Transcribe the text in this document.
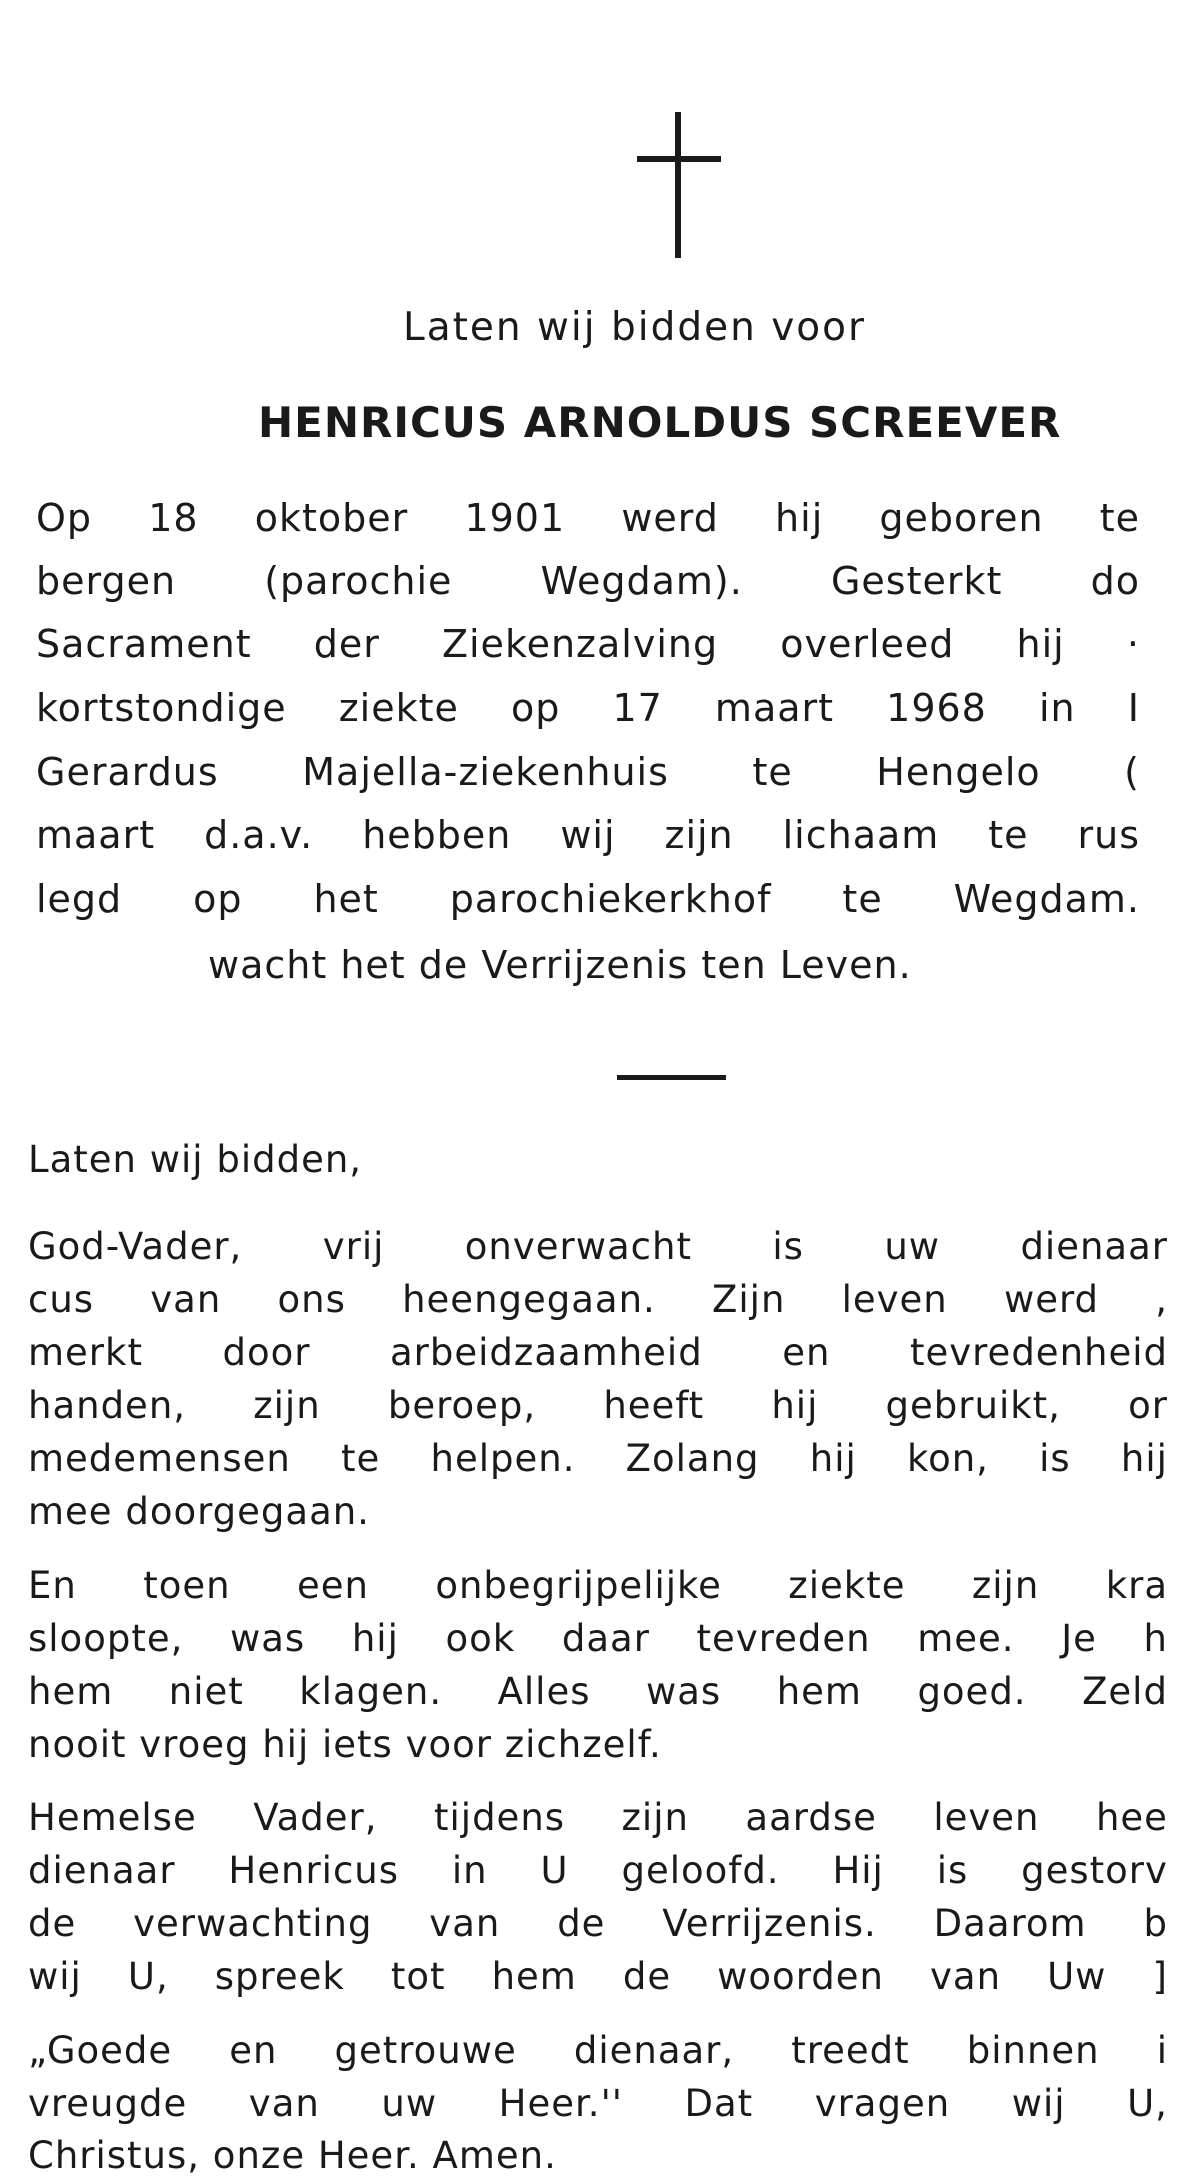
Laten wij bidden voor
HENRICUS ARNOLDUS SCREEVER
Op 18 oktober 1901 werd hij geboren te
bergen (parochie Wegdam). Gesterkt do
Sacrament der Ziekenzalving overleed hij ·
kortstondige ziekte op 17 maart 1968 in I
Gerardus Majella-ziekenhuis te Hengelo (
maart d.a.v. hebben wij zijn lichaam te rus
legd op het parochiekerkhof te Wegdam.
wacht het de Verrijzenis ten Leven.
Laten wij bidden,
God-Vader, vrij onverwacht is uw dienaar
cus van ons heengegaan. Zijn leven werd ,
merkt door arbeidzaamheid en tevredenheid
handen, zijn beroep, heeft hij gebruikt, or
medemensen te helpen. Zolang hij kon, is hij
mee doorgegaan.
En toen een onbegrijpelijke ziekte zijn kra
sloopte, was hij ook daar tevreden mee. Je h
hem niet klagen. Alles was hem goed. Zeld
nooit vroeg hij iets voor zichzelf.
Hemelse Vader, tijdens zijn aardse leven hee
dienaar Henricus in U geloofd. Hij is gestorv
de verwachting van de Verrijzenis. Daarom b
wij U, spreek tot hem de woorden van Uw ]
„Goede en getrouwe dienaar, treedt binnen i
vreugde van uw Heer.'' Dat vragen wij U,
Christus, onze Heer. Amen.
